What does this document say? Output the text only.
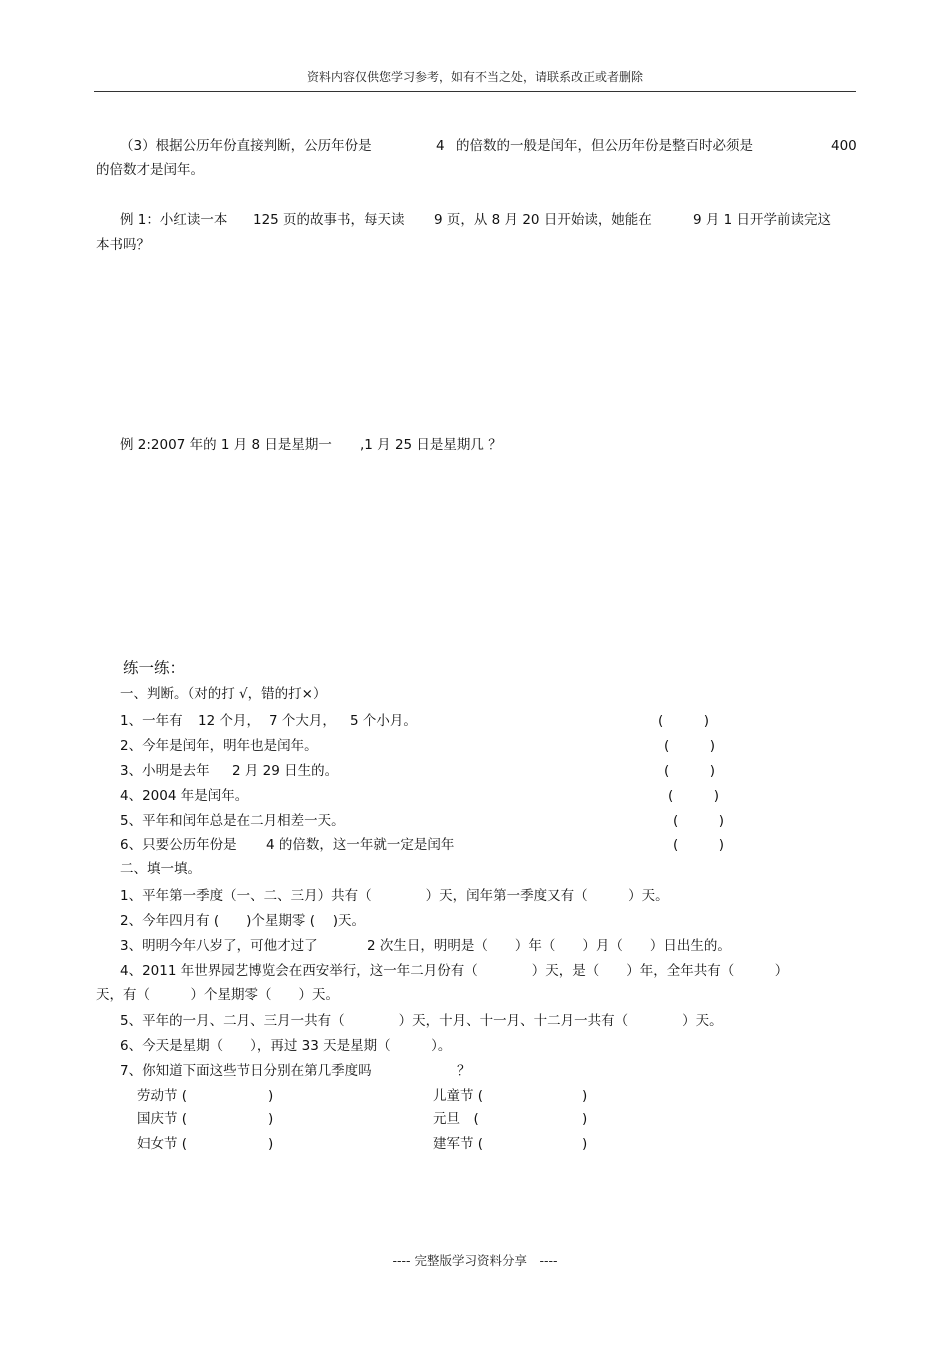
资料内容仅供您学习参考，如有不当之处，请联系改正或者删除
（3）根据公历年份直接判断，公历年份是	4 的倍数的一般是闰年，但公历年份是整百时必须是	400
的倍数才是闰年。
例 1：小红读一本 125 页的故事书，每天读 9 页，从 8 月 20 日开始读，她能在	9 月 1 日开学前读完这
本书吗？
例 2:2007 年的 1 月 8 日是星期一 ,1 月 25 日是星期几 ？
练一练：
一、判断。（对的打 √，错的打×）
1、一年有 12 个月， 7 个大月， 5 个小月。	(　　　)
2、今年是闰年，明年也是闰年。	(　　　)
3、小明是去年 2 月 29 日生的。	(　　　)
4、2004 年是闰年。	(　　　)
5、平年和闰年总是在二月相差一天。	(　　　)
6、只要公历年份是 4 的倍数，这一年就一定是闰年	(　　　)
二、填一填。
1、平年第一季度（一、二、三月）共有（　　　　）天，闰年第一季度又有（　　　）天。
2、今年四月有 (　　)个星期零 (　 )天。
3、明明今年八岁了，可他才过了	2 次生日，明明是（　　）年（　　）月（　　）日出生的。
4、2011 年世界园艺博览会在西安举行，这一年二月份有（　　　　）天，是（　　）年，全年共有（　　　）
天，有（　　　）个星期零（　　）天。
5、平年的一月、二月、三月一共有（　　　　）天，十月、十一月、十二月一共有（　　　　）天。
6、今天是星期（　　），再过 33 天是星期（　　　）。
7、你知道下面这些节日分别在第几季度吗	？
劳动节 (	)	儿童节 (	)
国庆节 (	)	元旦　(	)
妇女节 (	)	建军节 (	)
---- 完整版学习资料分享　----
